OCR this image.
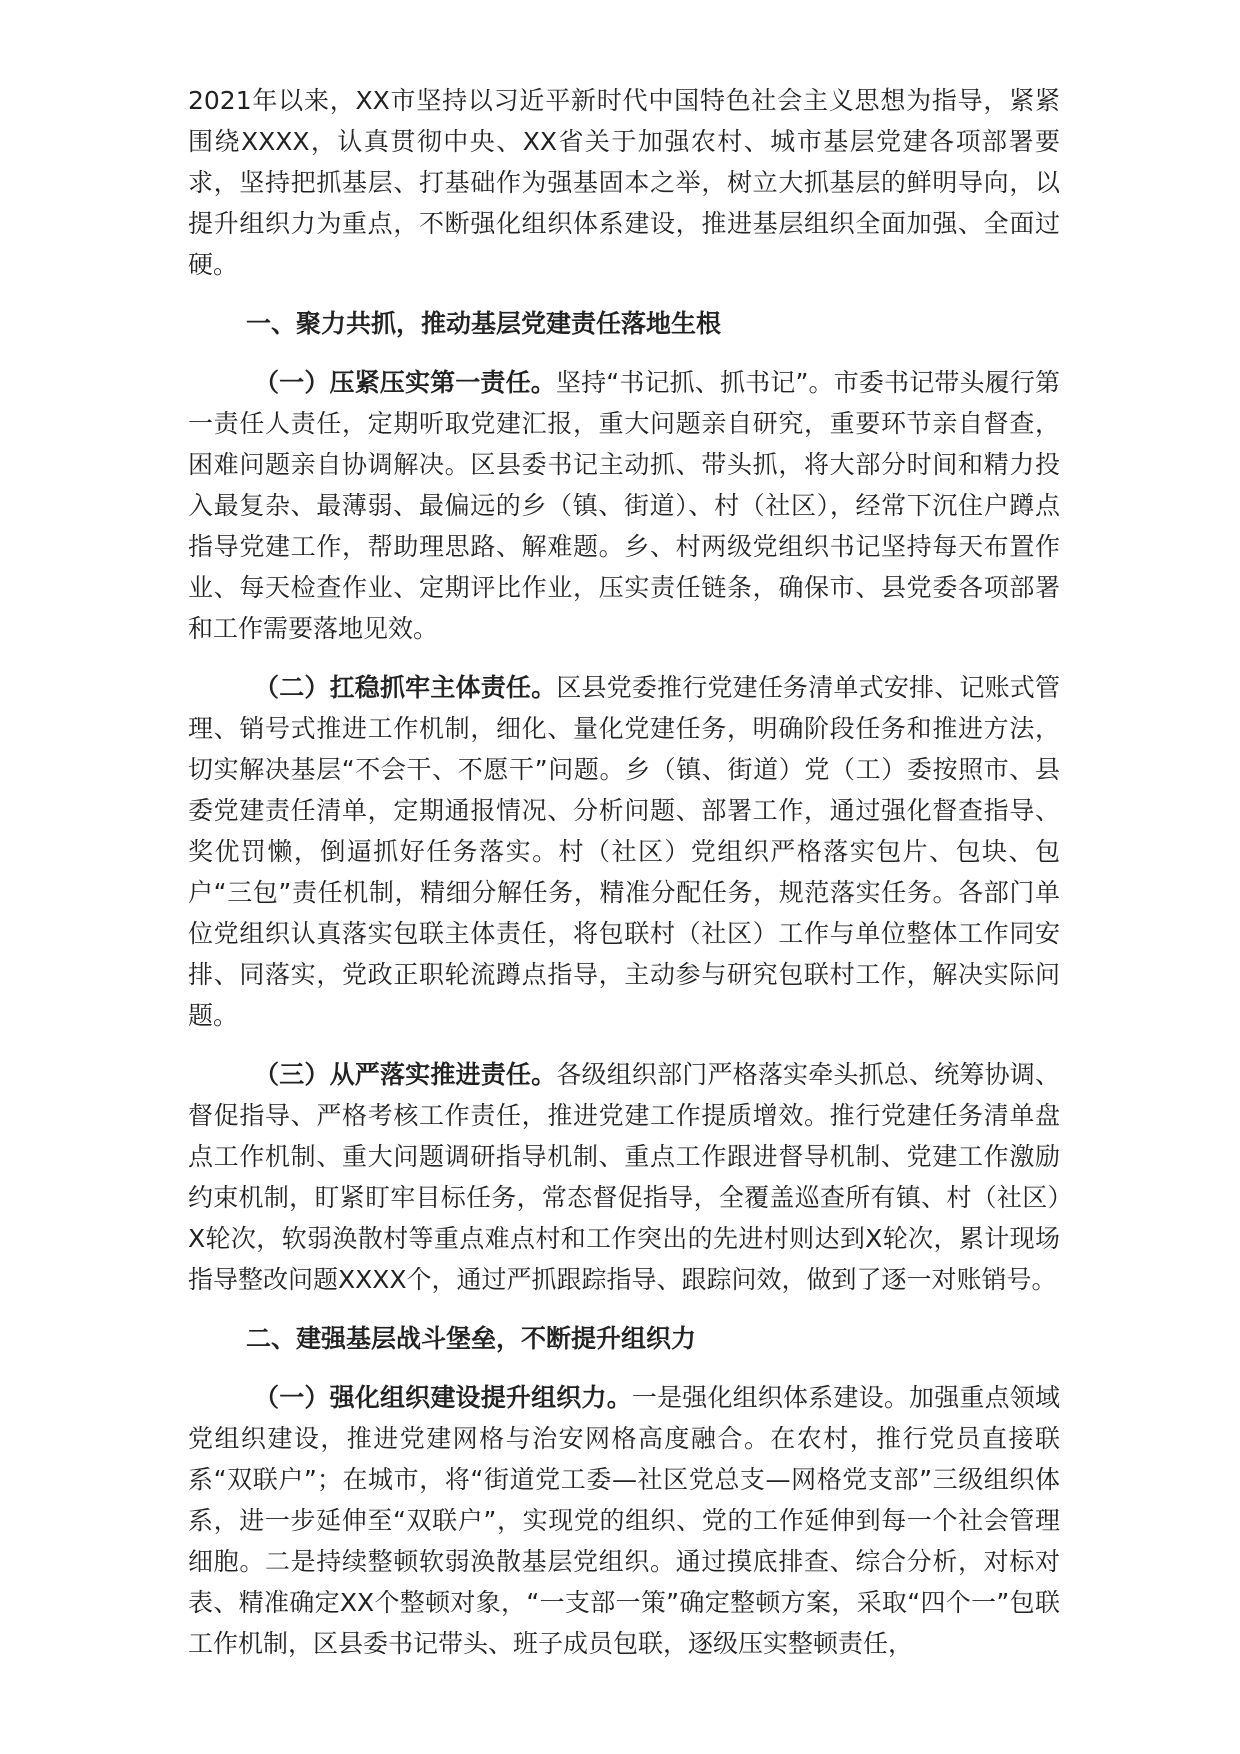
2021年以来，XX市坚持以习近平新时代中国特色社会主义思想为指导，紧紧围绕XXXX，认真贯彻中央、XX省关于加强农村、城市基层党建各项部署要求，坚持把抓基层、打基础作为强基固本之举，树立大抓基层的鲜明导向，以提升组织力为重点，不断强化组织体系建设，推进基层组织全面加强、全面过硬。

一、聚力共抓，推动基层党建责任落地生根

（一）压紧压实第一责任。坚持“书记抓、抓书记”。市委书记带头履行第一责任人责任，定期听取党建汇报，重大问题亲自研究，重要环节亲自督查，困难问题亲自协调解决。区县委书记主动抓、带头抓，将大部分时间和精力投入最复杂、最薄弱、最偏远的乡（镇、街道）、村（社区），经常下沉住户蹲点指导党建工作，帮助理思路、解难题。乡、村两级党组织书记坚持每天布置作业、每天检查作业、定期评比作业，压实责任链条，确保市、县党委各项部署和工作需要落地见效。

（二）扛稳抓牢主体责任。区县党委推行党建任务清单式安排、记账式管理、销号式推进工作机制，细化、量化党建任务，明确阶段任务和推进方法，切实解决基层“不会干、不愿干”问题。乡（镇、街道）党（工）委按照市、县委党建责任清单，定期通报情况、分析问题、部署工作，通过强化督查指导、奖优罚懒，倒逼抓好任务落实。村（社区）党组织严格落实包片、包块、包户“三包”责任机制，精细分解任务，精准分配任务，规范落实任务。各部门单位党组织认真落实包联主体责任，将包联村（社区）工作与单位整体工作同安排、同落实，党政正职轮流蹲点指导，主动参与研究包联村工作，解决实际问题。

（三）从严落实推进责任。各级组织部门严格落实牵头抓总、统筹协调、督促指导、严格考核工作责任，推进党建工作提质增效。推行党建任务清单盘点工作机制、重大问题调研指导机制、重点工作跟进督导机制、党建工作激励约束机制，盯紧盯牢目标任务，常态督促指导，全覆盖巡查所有镇、村（社区）X轮次，软弱涣散村等重点难点村和工作突出的先进村则达到X轮次，累计现场指导整改问题XXXX个，通过严抓跟踪指导、跟踪问效，做到了逐一对账销号。

二、建强基层战斗堡垒，不断提升组织力

（一）强化组织建设提升组织力。一是强化组织体系建设。加强重点领域党组织建设，推进党建网格与治安网格高度融合。在农村，推行党员直接联系“双联户”；在城市，将“街道党工委—社区党总支—网格党支部”三级组织体系，进一步延伸至“双联户”，实现党的组织、党的工作延伸到每一个社会管理细胞。二是持续整顿软弱涣散基层党组织。通过摸底排查、综合分析，对标对表、精准确定XX个整顿对象，“一支部一策”确定整顿方案，采取“四个一”包联工作机制，区县委书记带头、班子成员包联，逐级压实整顿责任，
